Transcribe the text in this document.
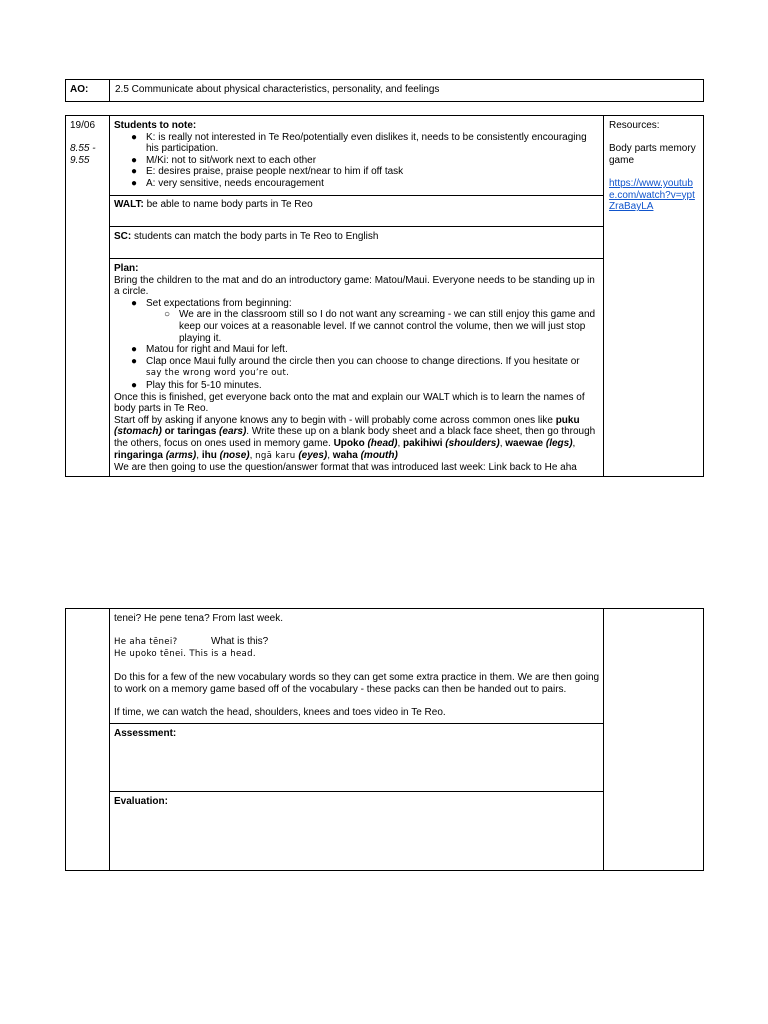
AO:	2.5 Communicate about physical characteristics, personality, and feelings
19/06
8.55 - 9.55

Students to note:

● K: is really not interested in Te Reo/potentially even dislikes it, needs to be consistently encouraging his participation.
● M/Ki: not to sit/work next to each other
● E: desires praise, praise people next/near to him if off task
● A: very sensitive, needs encouragement
WALT: be able to name body parts in Te Reo
SC: students can match the body parts in Te Reo to English

Plan:

Bring the children to the mat and do an introductory game: Matou/Maui. Everyone needs to be standing up in a circle.

● Set expectations from beginning:
○ We are in the classroom still so I do not want any screaming - we can still enjoy this game and keep our voices at a reasonable level. If we cannot control the volume, then we will just stop playing it.
● Matou for right and Maui for left.
● Clap once Maui fully around the circle then you can choose to change directions. If you hesitate or
say the wrong word you’re out.
● Play this for 5-10 minutes.

Once this is finished, get everyone back onto the mat and explain our WALT which is to learn the names of body parts in Te Reo.

Start off by asking if anyone knows any to begin with - will probably come across common ones like puku (stomach) or taringas (ears). Write these up on a blank body sheet and a black face sheet, then go through the others, focus on ones used in memory game. Upoko (head), pakihiwi (shoulders), waewae (legs), ringaringa (arms), ihu (nose), ngā karu (eyes), waha (mouth)

We are then going to use the question/answer format that was introduced last week: Link back to He aha

Resources:

Body parts memory game

https://www.youtub
e.com/watch?v=ypt
ZraBayLA

tenei? He pene tena? From last week.

He aha tēnei?	What is this?

He upoko tēnei. This is a head.

Do this for a few of the new vocabulary words so they can get some extra practice in them. We are then going to work on a memory game based off of the vocabulary - these packs can then be handed out to pairs.

If time, we can watch the head, shoulders, knees and toes video in Te Reo.

Assessment:
Evaluation:
